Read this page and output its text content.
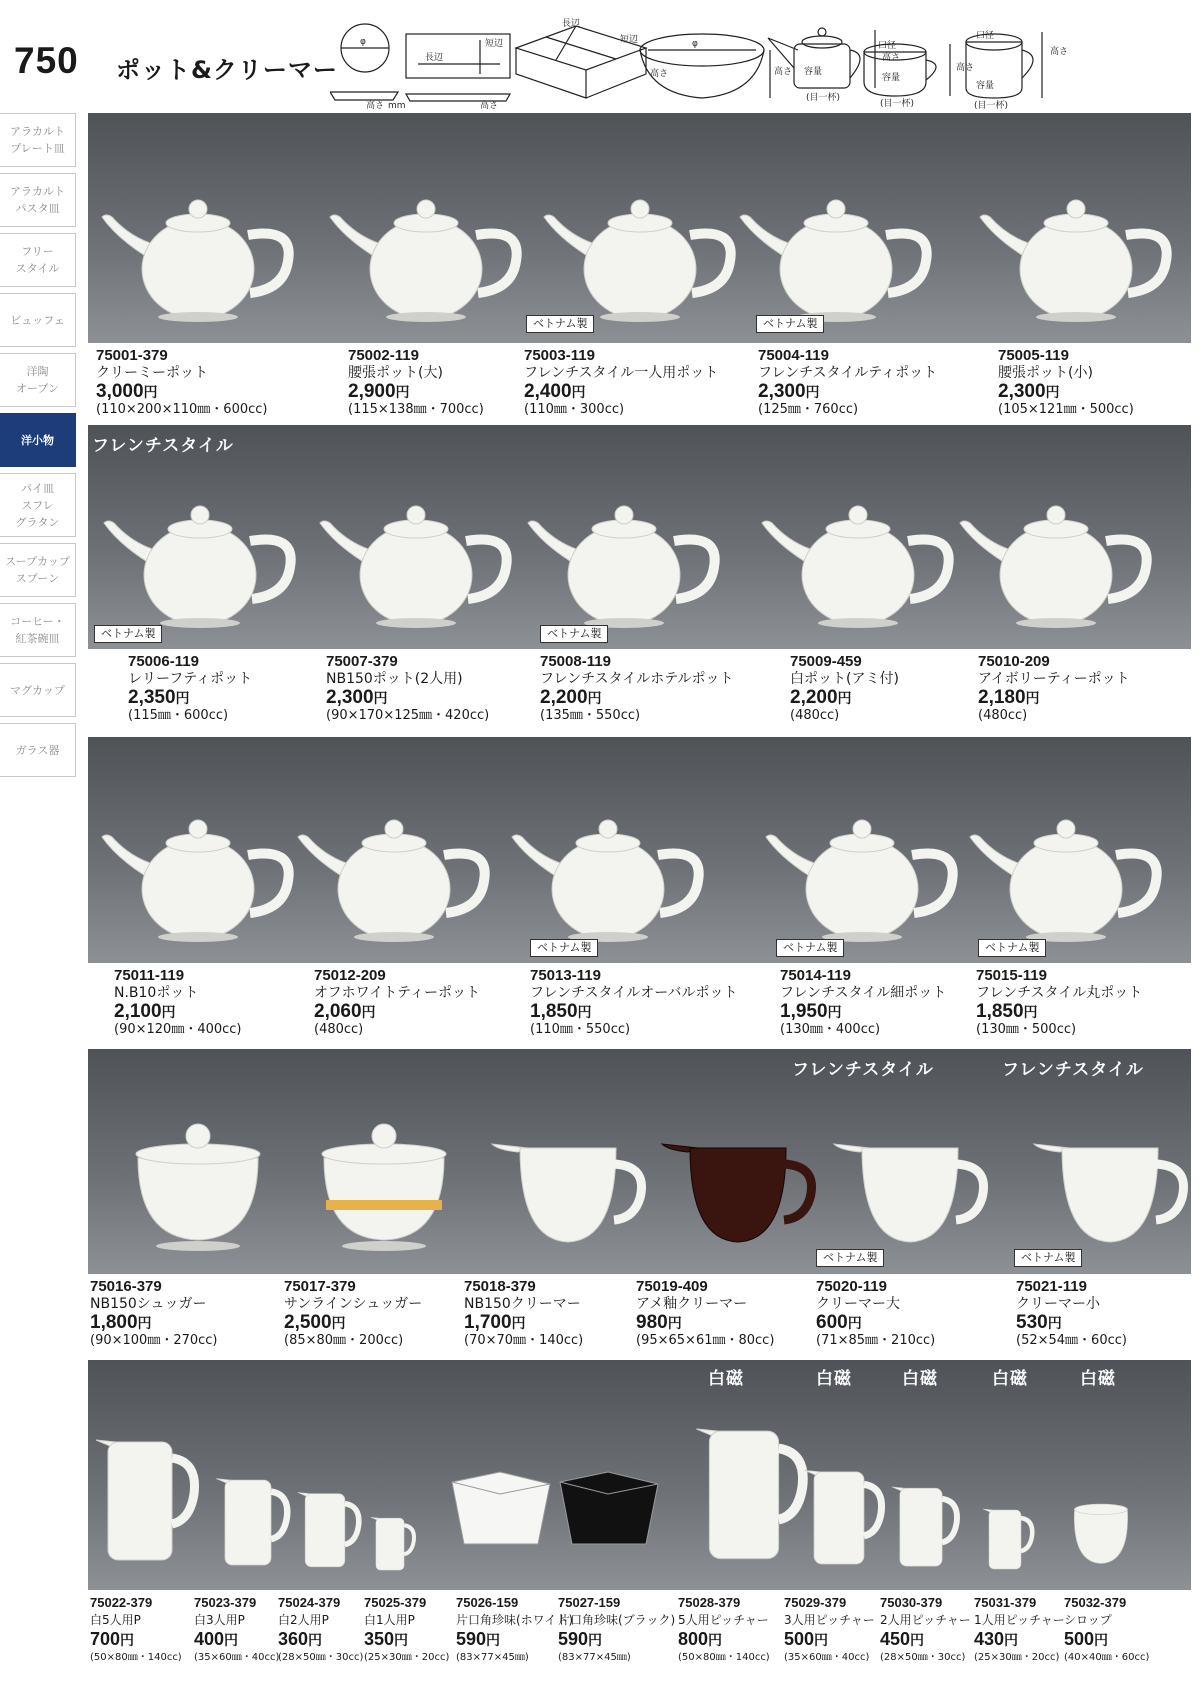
750 ポット&クリーマー
φ
高さ mm
長辺
短辺
高さ
長辺
短辺
高さ
φ
高さ 容量
高さ
(目一杯)
口径
容量
高さ
(目一杯)
口径
高さ
容量
(目一杯)
アラカルト
プレート皿
アラカルト
パスタ皿
フリー
スタイル
ビュッフェ
洋陶
オーブン
洋小物
パイ皿
スフレ
グラタン
スープカップ
スプーン
コーヒー・
紅茶碗皿
マグカップ
ガラス器
ベトナム製	ベトナム製
75001-379
クリーミーポット
3,000円
(110×200×110㎜・600cc)
75002-119
腰張ポット(大)
2,900円
(115×138㎜・700cc)
75003-119
フレンチスタイル一人用ポット
2,400円
(110㎜・300cc)
75004-119
フレンチスタイルティポット
2,300円
(125㎜・760cc)
75005-119
腰張ポット(小)
2,300円
(105×121㎜・500cc)
フレンチスタイル
ベトナム製	ベトナム製
75006-119
レリーフティポット
2,350円
(115㎜・600cc)
75007-379
NB150ポット(2人用)
2,300円
(90×170×125㎜・420cc)
75008-119
フレンチスタイルホテルポット
2,200円
(135㎜・550cc)
75009-459
白ポット(アミ付)
2,200円
(480cc)
75010-209
アイボリーティーポット
2,180円
(480cc)
ベトナム製	ベトナム製	ベトナム製
75011-119
N.B10ポット
2,100円
(90×120㎜・400cc)
75012-209
オフホワイトティーポット
2,060円
(480cc)
75013-119
フレンチスタイルオーバルポット
1,850円
(110㎜・550cc)
75014-119
フレンチスタイル細ポット
1,950円
(130㎜・400cc)
75015-119
フレンチスタイル丸ポット
1,850円
(130㎜・500cc)
フレンチスタイル	フレンチスタイル
ベトナム製	ベトナム製
75016-379
NB150シュッガー
1,800円
(90×100㎜・270cc)
75017-379
サンラインシュッガー
2,500円
(85×80㎜・200cc)
75018-379
NB150クリーマー
1,700円
(70×70㎜・140cc)
75019-409
アメ釉クリーマー
980円
(95×65×61㎜・80cc)
75020-119
クリーマー大
600円
(71×85㎜・210cc)
75021-119
クリーマー小
530円
(52×54㎜・60cc)
白磁	白磁	白磁	白磁	白磁
75022-379
白5人用P
700円
(50×80㎜・140cc)
75023-379
白3人用P
400円
(35×60㎜・40cc)
75024-379
白2人用P
360円
(28×50㎜・30cc)
75025-379
白1人用P
350円
(25×30㎜・20cc)
75026-159
片口角珍味(ホワイト)
590円
(83×77×45㎜)
75027-159
片口角珍味(ブラック)
590円
(83×77×45㎜)
75028-379
5人用ピッチャー
800円
(50×80㎜・140cc)
75029-379
3人用ピッチャー
500円
(35×60㎜・40cc)
75030-379
2人用ピッチャー
450円
(28×50㎜・30cc)
75031-379
1人用ピッチャー
430円
(25×30㎜・20cc)
75032-379
シロップ
500円
(40×40㎜・60cc)
